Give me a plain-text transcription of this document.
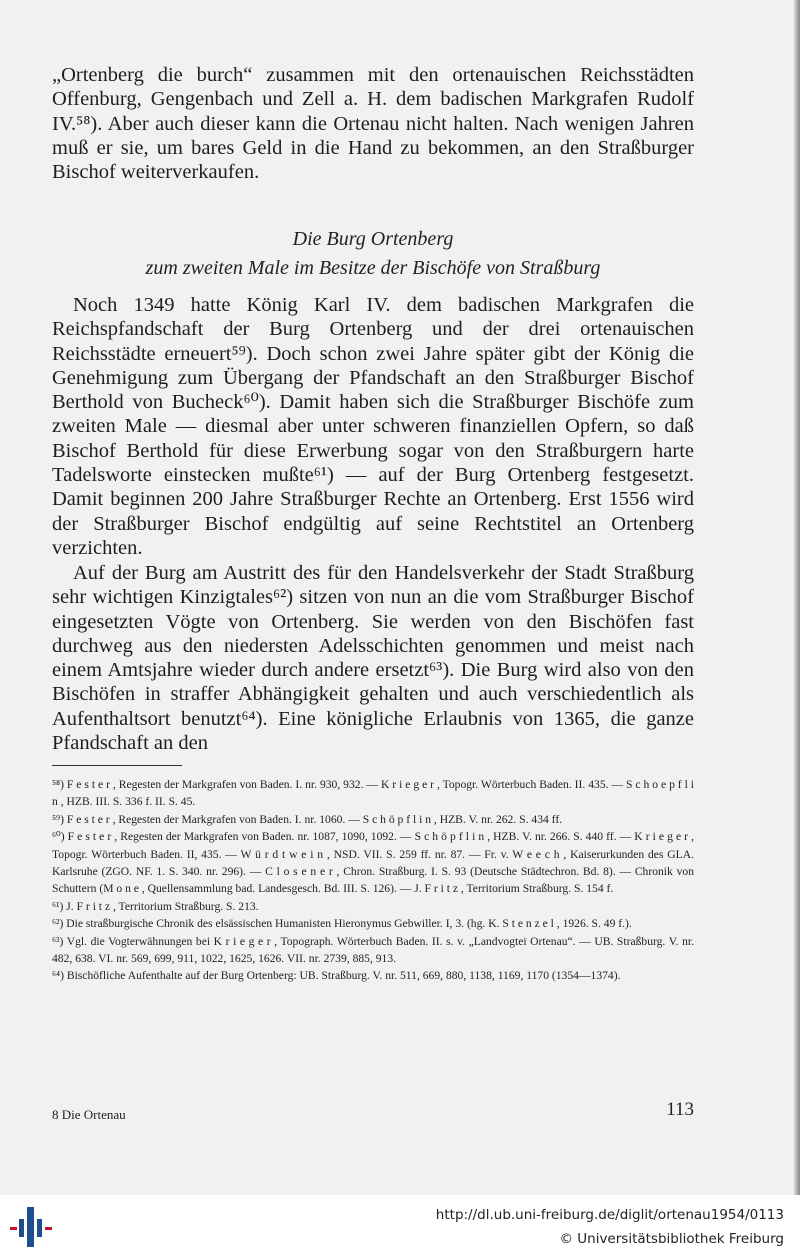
„Ortenberg die burch“ zusammen mit den ortenauischen Reichsstädten Offenburg, Gengenbach und Zell a. H. dem badischen Markgrafen Rudolf IV.⁵⁸). Aber auch dieser kann die Ortenau nicht halten. Nach wenigen Jahren muß er sie, um bares Geld in die Hand zu bekommen, an den Straßburger Bischof weiterverkaufen.
Die Burg Ortenberg
zum zweiten Male im Besitze der Bischöfe von Straßburg
Noch 1349 hatte König Karl IV. dem badischen Markgrafen die Reichspfandschaft der Burg Ortenberg und der drei ortenauischen Reichsstädte erneuert⁵⁹). Doch schon zwei Jahre später gibt der König die Genehmigung zum Übergang der Pfandschaft an den Straßburger Bischof Berthold von Bucheck⁶⁰). Damit haben sich die Straßburger Bischöfe zum zweiten Male — diesmal aber unter schweren finanziellen Opfern, so daß Bischof Berthold für diese Erwerbung sogar von den Straßburgern harte Tadelsworte einstecken mußte⁶¹) — auf der Burg Ortenberg festgesetzt. Damit beginnen 200 Jahre Straßburger Rechte an Ortenberg. Erst 1556 wird der Straßburger Bischof endgültig auf seine Rechtstitel an Ortenberg verzichten.
Auf der Burg am Austritt des für den Handelsverkehr der Stadt Straßburg sehr wichtigen Kinzigtales⁶²) sitzen von nun an die vom Straßburger Bischof eingesetzten Vögte von Ortenberg. Sie werden von den Bischöfen fast durchweg aus den niedersten Adelsschichten genommen und meist nach einem Amtsjahre wieder durch andere ersetzt⁶³). Die Burg wird also von den Bischöfen in straffer Abhängigkeit gehalten und auch verschiedentlich als Aufenthaltsort benutzt⁶⁴). Eine königliche Erlaubnis von 1365, die ganze Pfandschaft an den

⁵⁸) F e s t e r , Regesten der Markgrafen von Baden. I. nr. 930, 932. — K r i e g e r , Topogr. Wörterbuch Baden. II. 435. — S c h o e p f l i n , HZB. III. S. 336 f. II. S. 45.

⁵⁹) F e s t e r , Regesten der Markgrafen von Baden. I. nr. 1060. — S c h ö p f l i n , HZB. V. nr. 262. S. 434 ff.

⁶⁰) F e s t e r , Regesten der Markgrafen von Baden. nr. 1087, 1090, 1092. — S c h ö p f l i n , HZB. V. nr. 266. S. 440 ff. — K r i e g e r , Topogr. Wörterbuch Baden. II, 435. — W ü r d t w e i n , NSD. VII. S. 259 ff. nr. 87. — Fr. v. W e e c h , Kaiserurkunden des GLA. Karlsruhe (ZGO. NF. 1. S. 340. nr. 296). — C l o s e n e r , Chron. Straßburg. I. S. 93 (Deutsche Städtechron. Bd. 8). — Chronik von Schuttern (M o n e , Quellensammlung bad. Landesgesch. Bd. III. S. 126). — J. F r i t z , Territorium Straßburg. S. 154 f.

⁶¹) J. F r i t z , Territorium Straßburg. S. 213.

⁶²) Die straßburgische Chronik des elsässischen Humanisten Hieronymus Gebwiller. I, 3. (hg. K. S t e n z e l , 1926. S. 49 f.).

⁶³) Vgl. die Vogterwähnungen bei K r i e g e r , Topograph. Wörterbuch Baden. II. s. v. „Landvogtei Ortenau“. — UB. Straßburg. V. nr. 482, 638. VI. nr. 569, 699, 911, 1022, 1625, 1626. VII. nr. 2739, 885, 913.

⁶⁴) Bischöfliche Aufenthalte auf der Burg Ortenberg: UB. Straßburg. V. nr. 511, 669, 880, 1138, 1169, 1170 (1354—1374).

8 Die Ortenau	113
http://dl.ub.uni-freiburg.de/diglit/ortenau1954/0113
© Universitätsbibliothek Freiburg
